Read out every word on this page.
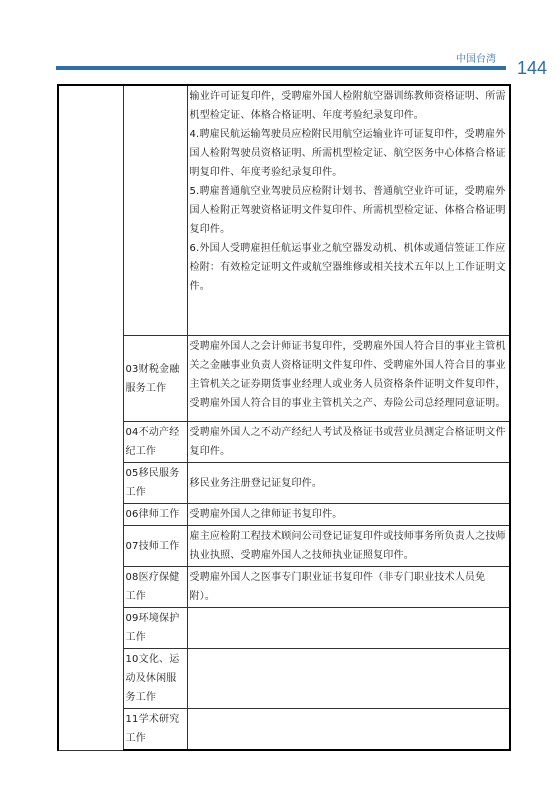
中国台湾 144

		输业许可证复印件，受聘雇外国人检附航空器训练教师资格证明、所需机型检定证、体格合格证明、年度考验纪录复印件。
4.聘雇民航运输驾驶员应检附民用航空运输业许可证复印件，受聘雇外国人检附驾驶员资格证明、所需机型检定证、航空医务中心体格合格证明复印件、年度考验纪录复印件。
5.聘雇普通航空业驾驶员应检附计划书、普通航空业许可证，受聘雇外国人检附正驾驶资格证明文件复印件、所需机型检定证、体格合格证明复印件。
6.外国人受聘雇担任航运事业之航空器发动机、机体或通信签证工作应检附：有效检定证明文件或航空器维修或相关技术五年以上工作证明文件。

	03财税金融服务工作	受聘雇外国人之会计师证书复印件，受聘雇外国人符合目的事业主管机关之金融事业负责人资格证明文件复印件、受聘雇外国人符合目的事业主管机关之证券期货事业经理人或业务人员资格条件证明文件复印件，受聘雇外国人符合目的事业主管机关之产、寿险公司总经理同意证明。

	04不动产经纪工作	受聘雇外国人之不动产经纪人考试及格证书或营业员测定合格证明文件复印件。

	05移民服务工作	移民业务注册登记证复印件。

	06律师工作	受聘雇外国人之律师证书复印件。

	07技师工作	雇主应检附工程技术顾问公司登记证复印件或技师事务所负责人之技师执业执照、受聘雇外国人之技师执业证照复印件。

	08医疗保健工作	受聘雇外国人之医事专门职业证书复印件（非专门职业技术人员免附）。

	09环境保护工作	
	10文化、运动及休闲服务工作	
	11学术研究工作	
